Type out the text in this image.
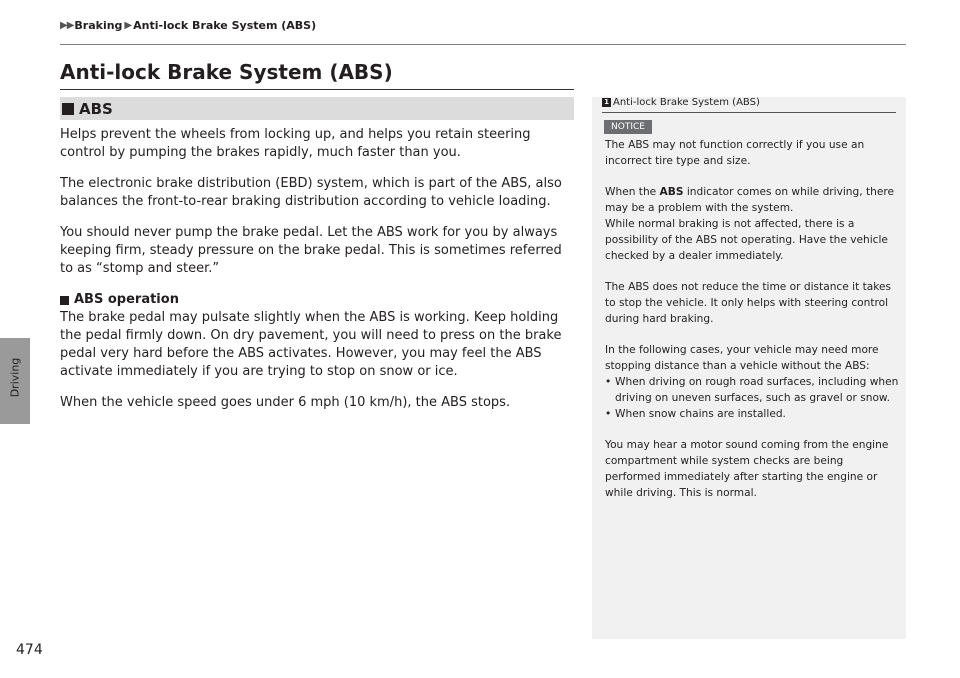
▶▶ Braking ▶ Anti-lock Brake System (ABS)
Driving
474
Anti-lock Brake System (ABS)
ABS

Helps prevent the wheels from locking up, and helps you retain steering control by pumping the brakes rapidly, much faster than you.

The electronic brake distribution (EBD) system, which is part of the ABS, also balances the front-to-rear braking distribution according to vehicle loading.

You should never pump the brake pedal. Let the ABS work for you by always keeping firm, steady pressure on the brake pedal. This is sometimes referred to as “stomp and steer.”

ABS operation

The brake pedal may pulsate slightly when the ABS is working. Keep holding the pedal firmly down. On dry pavement, you will need to press on the brake pedal very hard before the ABS activates. However, you may feel the ABS activate immediately if you are trying to stop on snow or ice.

When the vehicle speed goes under 6 mph (10 km/h), the ABS stops.

1 Anti-lock Brake System (ABS)
NOTICE

The ABS may not function correctly if you use an incorrect tire type and size.

When the ABS indicator comes on while driving, there may be a problem with the system.
While normal braking is not affected, there is a possibility of the ABS not operating. Have the vehicle checked by a dealer immediately.

The ABS does not reduce the time or distance it takes to stop the vehicle. It only helps with steering control during hard braking.

In the following cases, your vehicle may need more stopping distance than a vehicle without the ABS:
• When driving on rough road surfaces, including when driving on uneven surfaces, such as gravel or snow.
• When snow chains are installed.

You may hear a motor sound coming from the engine compartment while system checks are being performed immediately after starting the engine or while driving. This is normal.
